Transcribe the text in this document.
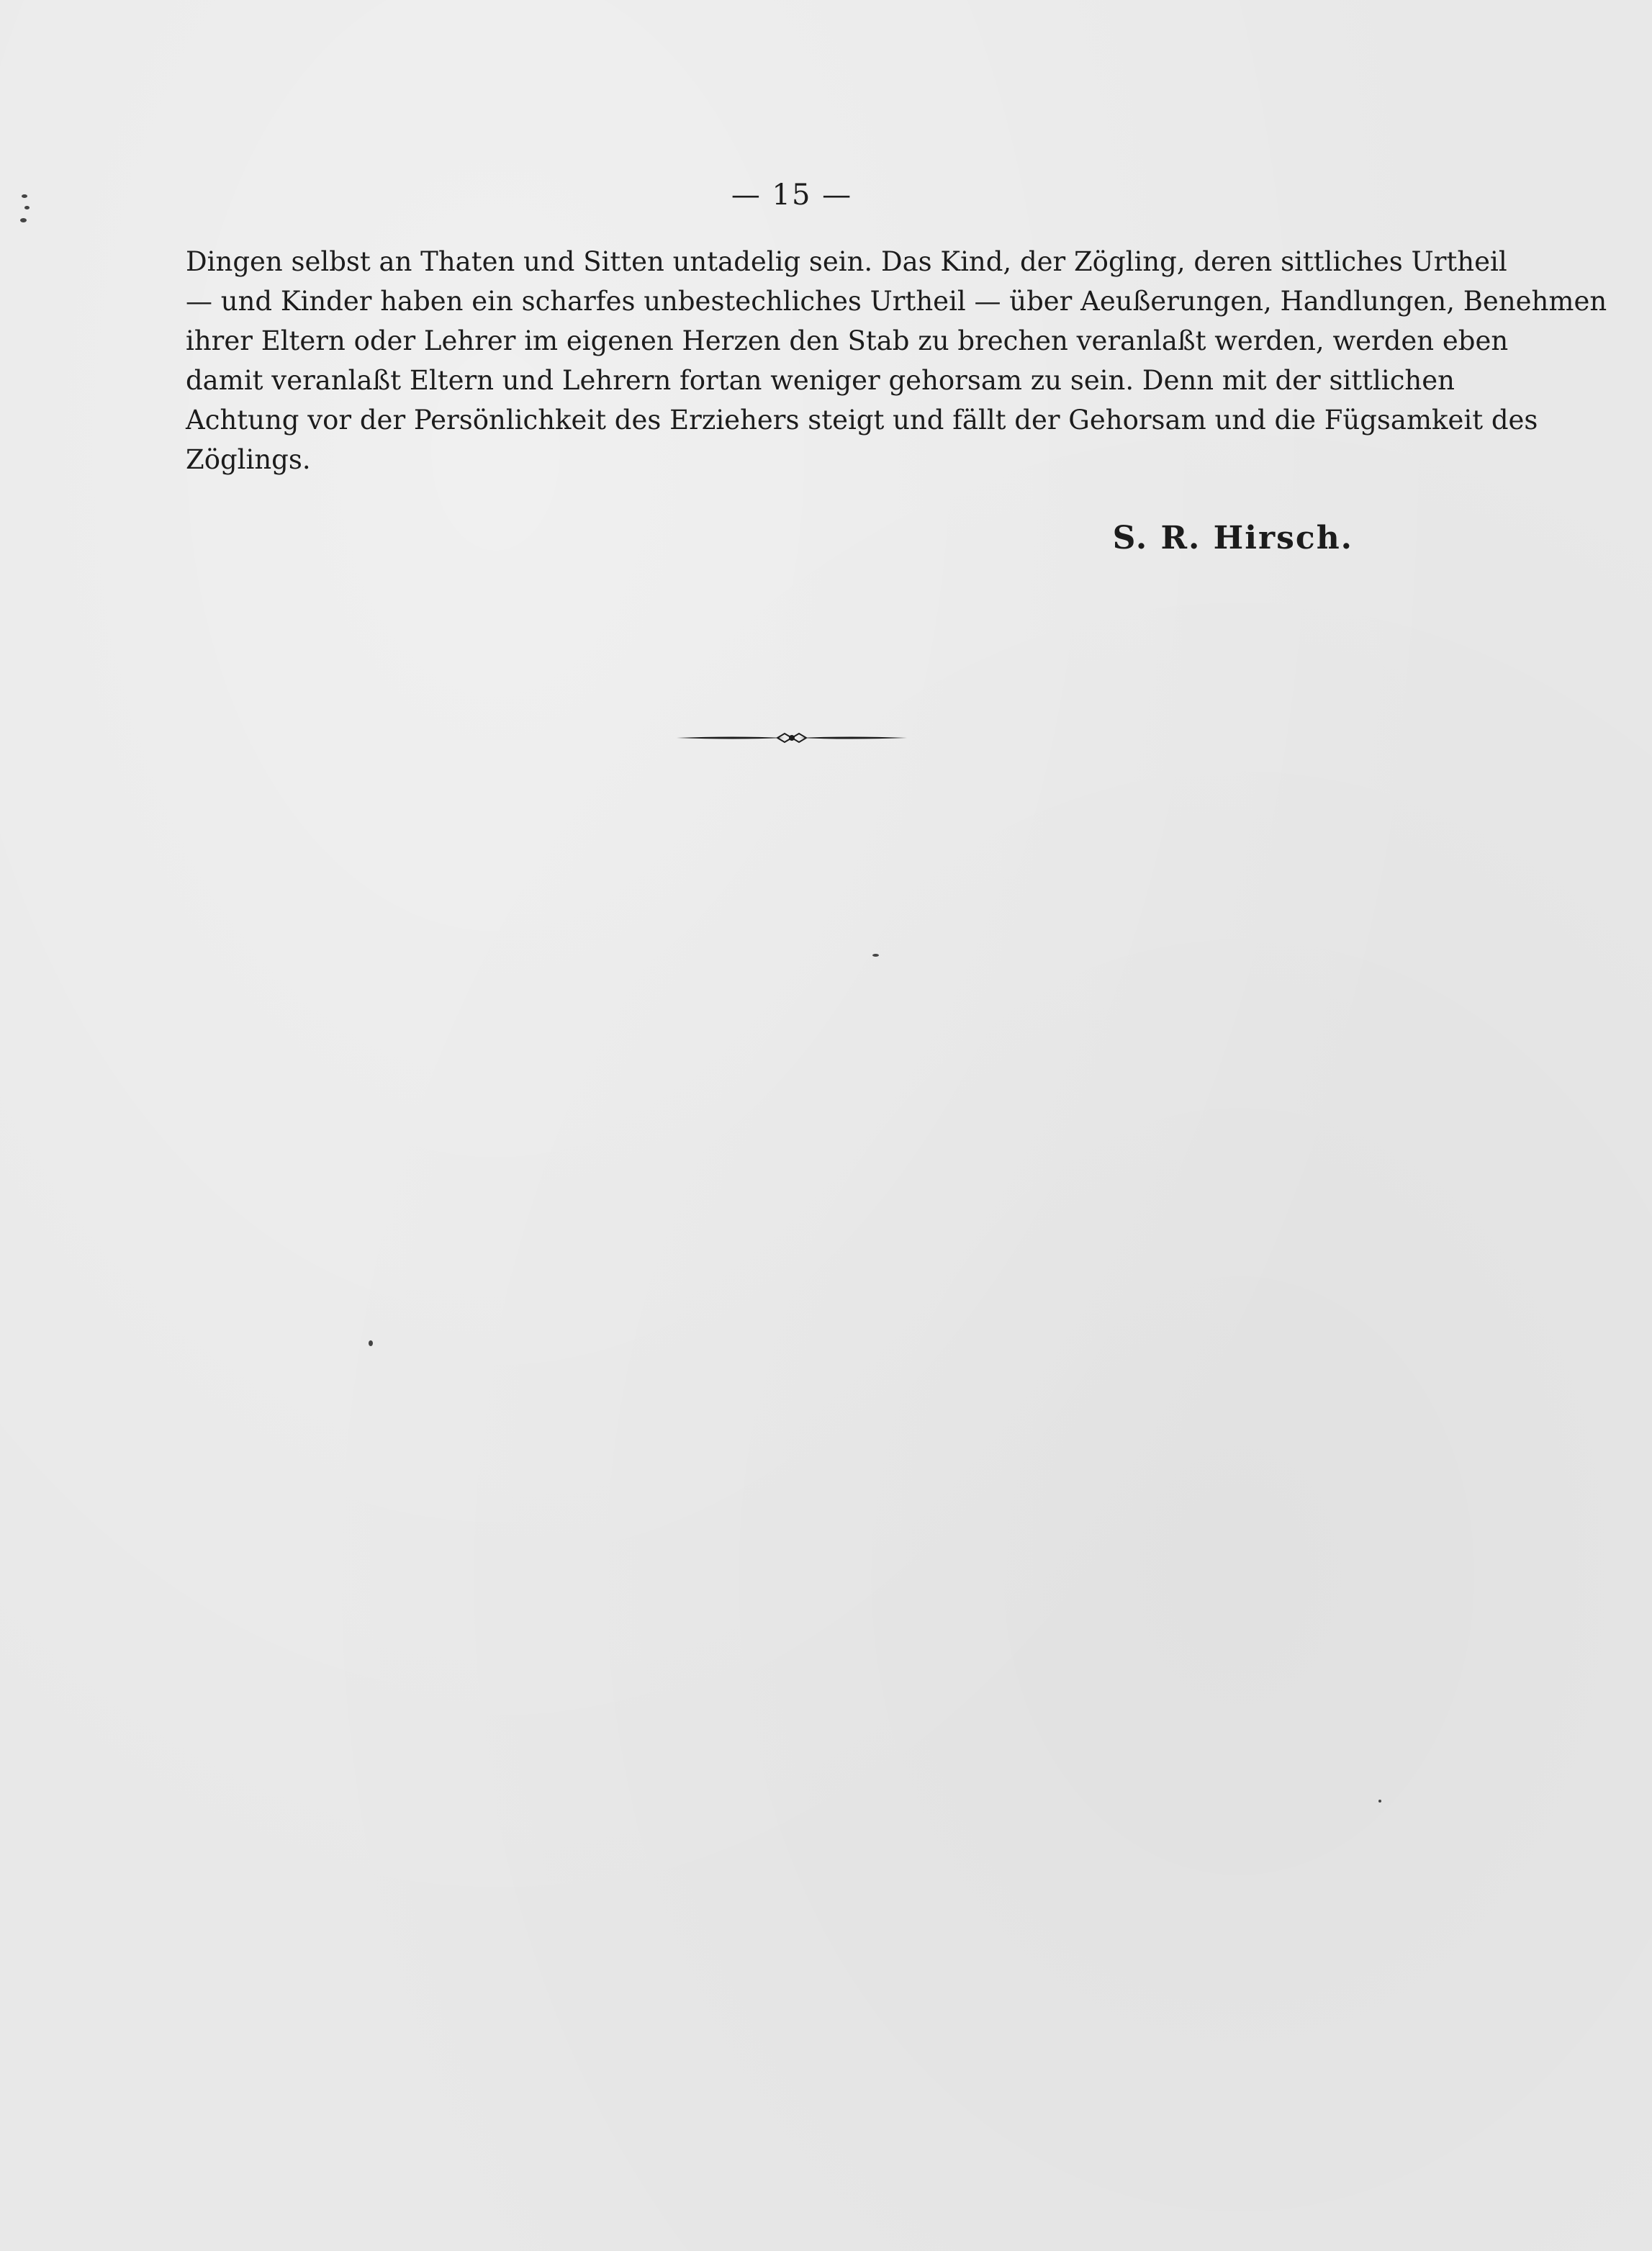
— 15 —
Dingen selbst an Thaten und Sitten untadelig sein. Das Kind, der Zögling, deren sittliches Urtheil
— und Kinder haben ein scharfes unbestechliches Urtheil — über Aeußerungen, Handlungen, Benehmen
ihrer Eltern oder Lehrer im eigenen Herzen den Stab zu brechen veranlaßt werden, werden eben
damit veranlaßt Eltern und Lehrern fortan weniger gehorsam zu sein. Denn mit der sittlichen
Achtung vor der Persönlichkeit des Erziehers steigt und fällt der Gehorsam und die Fügsamkeit des
Zöglings.
S. R. Hirsch.
